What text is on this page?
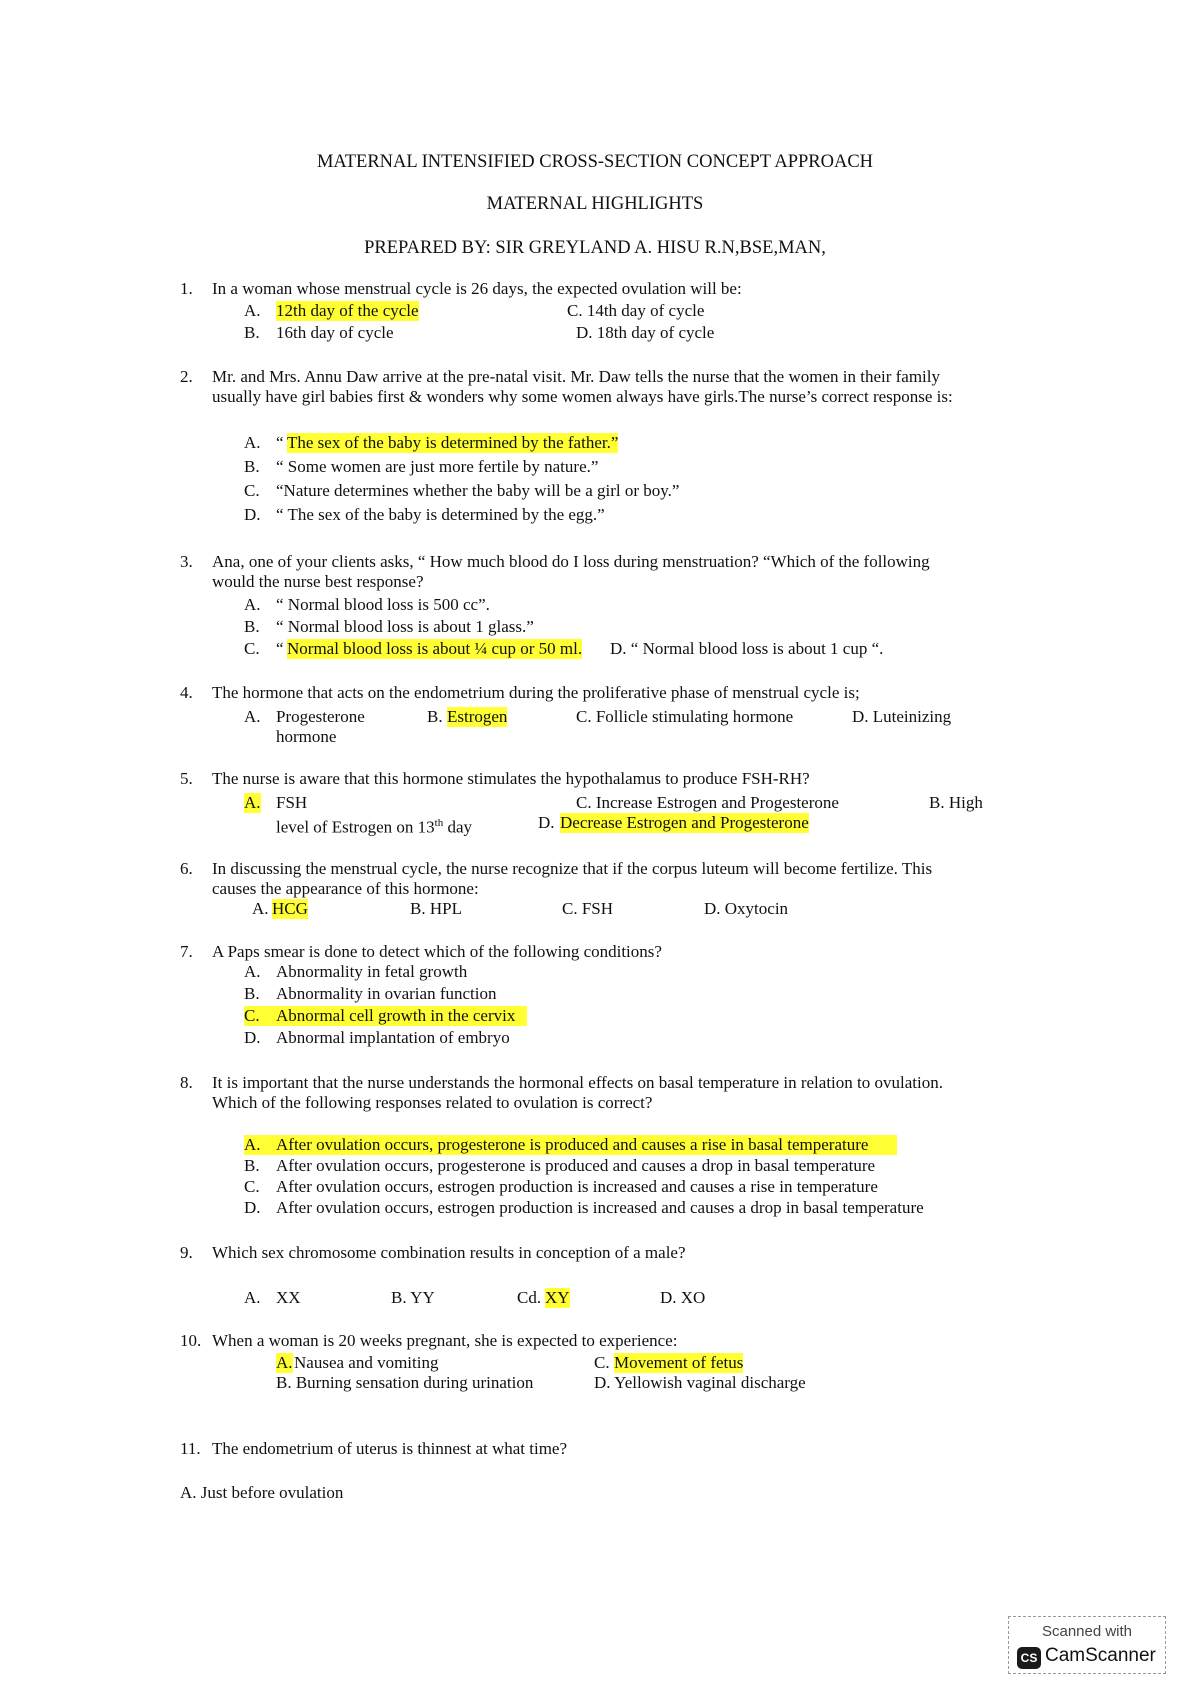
MATERNAL INTENSIFIED CROSS-SECTION CONCEPT APPROACH
MATERNAL HIGHLIGHTS
PREPARED BY: SIR GREYLAND A. HISU R.N,BSE,MAN,
1. In a woman whose menstrual cycle is 26 days, the expected ovulation will be:
A. 12th day of the cycle	C. 14th day of cycle
B. 16th day of cycle	D. 18th day of cycle
2. Mr. and Mrs. Annu Daw arrive at the pre-natal visit. Mr. Daw tells the nurse that the women in their family
usually have girl babies first & wonders why some women always have girls.The nurse’s correct response is:
A. “ The sex of the baby is determined by the father.”
B. “ Some women are just more fertile by nature.”
C. “Nature determines whether the baby will be a girl or boy.”
D. “ The sex of the baby is determined by the egg.”
3. Ana, one of your clients asks, “ How much blood do I loss during menstruation? “Which of the following
would the nurse best response?
A. “ Normal blood loss is 500 cc”.
B. “ Normal blood loss is about 1 glass.”
C. “ Normal blood loss is about ¼ cup or 50 ml. D. “ Normal blood loss is about 1 cup “.
4. The hormone that acts on the endometrium during the proliferative phase of menstrual cycle is;
A. Progesterone
hormone
B. Estrogen	C. Follicle stimulating hormone	D. Luteinizing
5. The nurse is aware that this hormone stimulates the hypothalamus to produce FSH-RH?
A. FSH	C. Increase Estrogen and Progesterone	B. High
level of Estrogen on 13th day	D. Decrease Estrogen and Progesterone
6. In discussing the menstrual cycle, the nurse recognize that if the corpus luteum will become fertilize. This
causes the appearance of this hormone:
A. HCG	B. HPL	C. FSH	D. Oxytocin
7. A Paps smear is done to detect which of the following conditions?
A. Abnormality in fetal growth
B. Abnormality in ovarian function
C. Abnormal cell growth in the cervix
D. Abnormal implantation of embryo
8. It is important that the nurse understands the hormonal effects on basal temperature in relation to ovulation.
Which of the following responses related to ovulation is correct?
A. After ovulation occurs, progesterone is produced and causes a rise in basal temperature
B. After ovulation occurs, progesterone is produced and causes a drop in basal temperature
C. After ovulation occurs, estrogen production is increased and causes a rise in temperature
D. After ovulation occurs, estrogen production is increased and causes a drop in basal temperature
9. Which sex chromosome combination results in conception of a male?
A. XX	B. YY	Cd. XY	D. XO
10. When a woman is 20 weeks pregnant, she is expected to experience:
A. Nausea and vomiting	C. Movement of fetus
B. Burning sensation during urination	D. Yellowish vaginal discharge
11. The endometrium of uterus is thinnest at what time?
A. Just before ovulation
Scanned with
CS CamScanner
